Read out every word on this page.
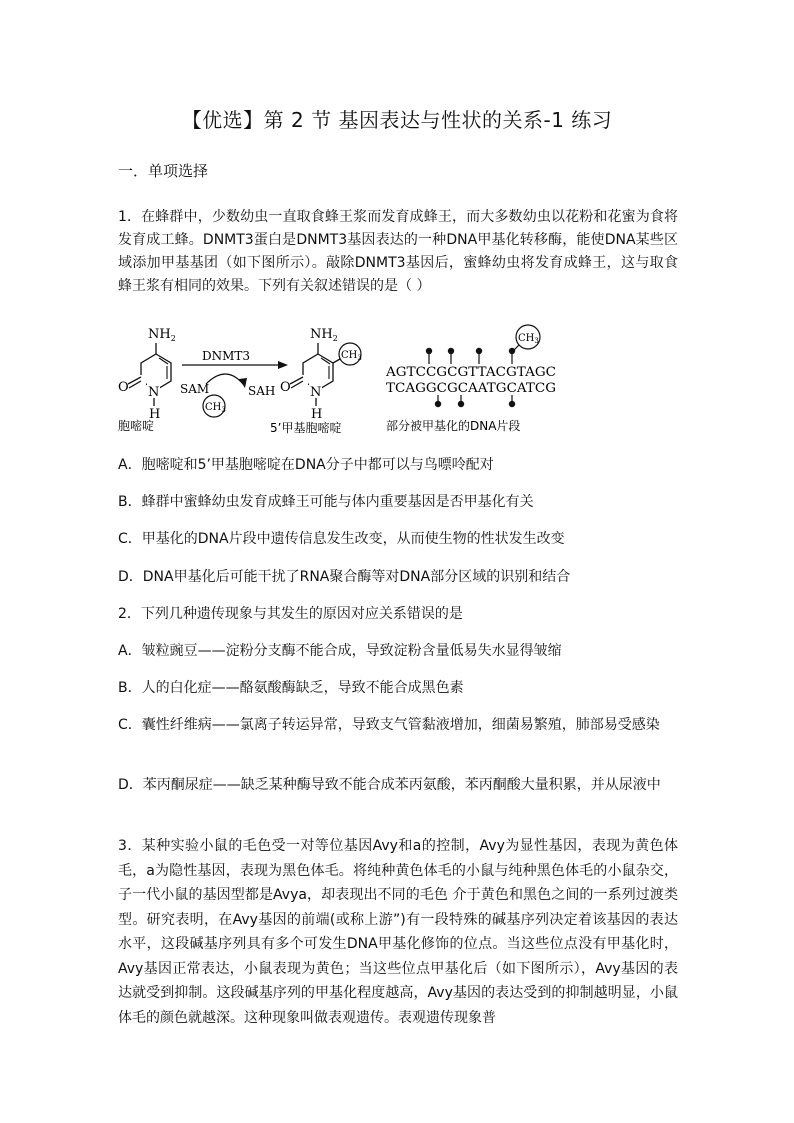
【优选】第 2 节 基因表达与性状的关系-1 练习
一．单项选择
1．在蜂群中，少数幼虫一直取食蜂王浆而发育成蜂王，而大多数幼虫以花粉和花蜜为食将发育成工蜂。DNMT3蛋白是DNMT3基因表达的一种DNA甲基化转移酶，能使DNA某些区域添加甲基基团（如下图所示）。敲除DNMT3基因后，蜜蜂幼虫将发育成蜂王，这与取食蜂王浆有相同的效果。下列有关叙述错误的是（ ）
$NH_2$
N
H
O
DNMT3
SAM	SAH
$CH_3$
$NH_2$
$CH_3$
N
H
O
$CH_3$
AGTCCGCGTTACGTAGC
TCAGGCGCAATGCATCG
胞嘧啶	5’甲基胞嘧啶	部分被甲基化的DNA片段
A．胞嘧啶和5’甲基胞嘧啶在DNA分子中都可以与鸟嘌呤配对
B．蜂群中蜜蜂幼虫发育成蜂王可能与体内重要基因是否甲基化有关
C．甲基化的DNA片段中遗传信息发生改变，从而使生物的性状发生改变
D．DNA甲基化后可能干扰了RNA聚合酶等对DNA部分区域的识别和结合
2．下列几种遗传现象与其发生的原因对应关系错误的是
A．皱粒豌豆——淀粉分支酶不能合成，导致淀粉含量低易失水显得皱缩
B．人的白化症——酪氨酸酶缺乏，导致不能合成黑色素
C．囊性纤维病——氯离子转运异常，导致支气管黏液增加，细菌易繁殖，肺部易受感染
D．苯丙酮尿症——缺乏某种酶导致不能合成苯丙氨酸，苯丙酮酸大量积累，并从尿液中
3．某种实验小鼠的毛色受一对等位基因Avy和a的控制，Avy为显性基因，表现为黄色体毛，a为隐性基因，表现为黑色体毛。将纯种黄色体毛的小鼠与纯种黑色体毛的小鼠杂交，子一代小鼠的基因型都是Avya，却表现出不同的毛色 介于黄色和黑色之间的一系列过渡类型。研究表明，在Avy基因的前端(或称上游”)有一段特殊的碱基序列决定着该基因的表达水平，这段碱基序列具有多个可发生DNA甲基化修饰的位点。当这些位点没有甲基化时，Avy基因正常表达，小鼠表现为黄色；当这些位点甲基化后（如下图所示），Avy基因的表达就受到抑制。这段碱基序列的甲基化程度越高，Avy基因的表达受到的抑制越明显，小鼠体毛的颜色就越深。这种现象叫做表观遗传。表观遗传现象普
